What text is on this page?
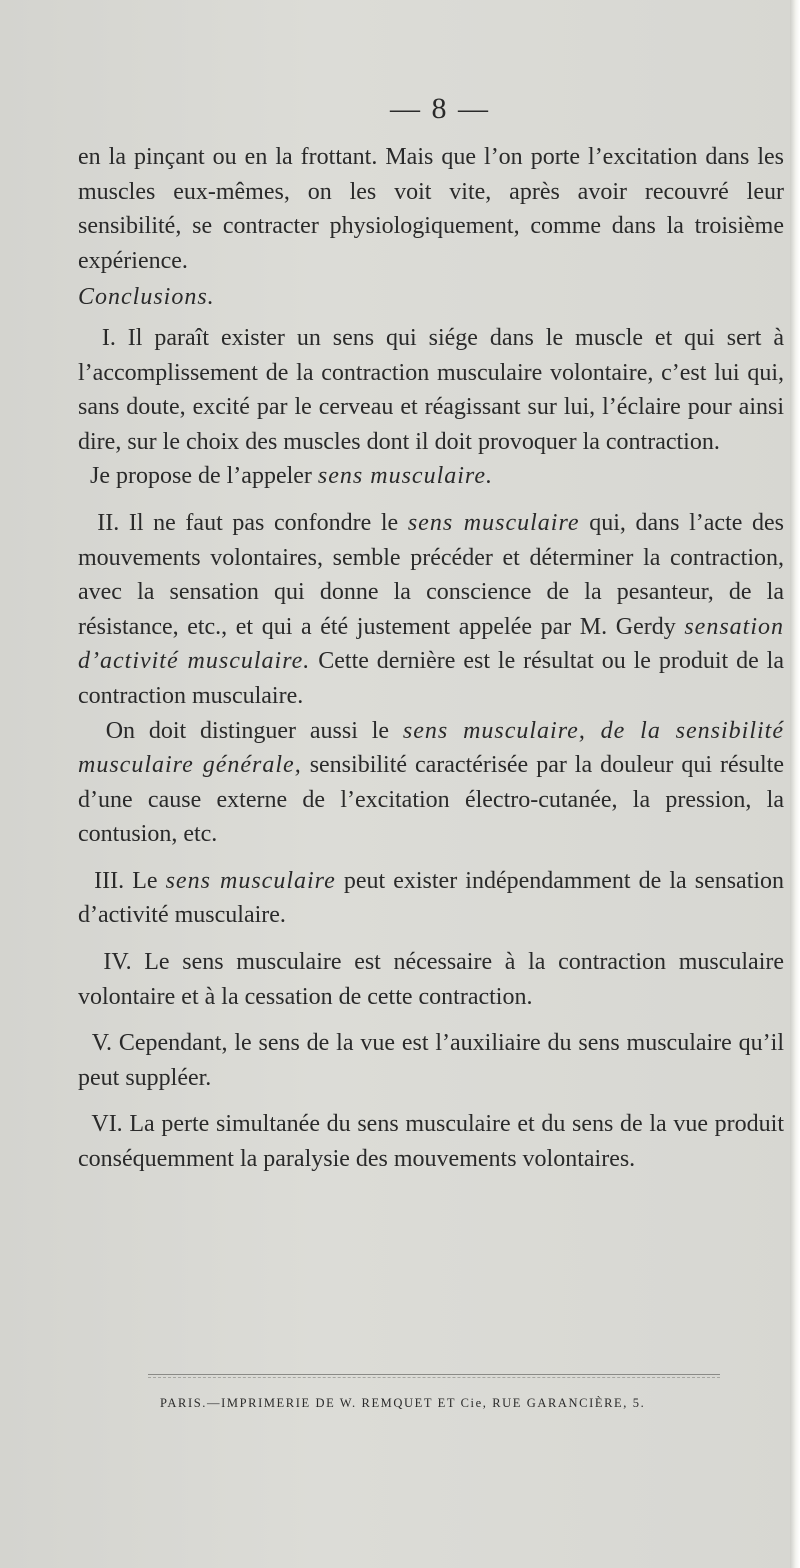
— 8 —

en la pinçant ou en la frottant. Mais que l’on porte l’excitation dans les muscles eux-mêmes, on les voit vite, après avoir recouvré leur sensibilité, se contracter physiologiquement, comme dans la troisième expérience.

Conclusions.

I. Il paraît exister un sens qui siége dans le muscle et qui sert à l’accomplissement de la contraction musculaire volontaire, c’est lui qui, sans doute, excité par le cerveau et réagissant sur lui, l’éclaire pour ainsi dire, sur le choix des muscles dont il doit provoquer la contraction.

Je propose de l’appeler sens musculaire.

II. Il ne faut pas confondre le sens musculaire qui, dans l’acte des mouvements volontaires, semble précéder et déterminer la contraction, avec la sensation qui donne la conscience de la pesanteur, de la résistance, etc., et qui a été justement appelée par M. Gerdy sensation d’activité musculaire. Cette dernière est le résultat ou le produit de la contraction musculaire.

On doit distinguer aussi le sens musculaire, de la sensibilité musculaire générale, sensibilité caractérisée par la douleur qui résulte d’une cause externe de l’excitation électro-cutanée, la pression, la contusion, etc.

III. Le sens musculaire peut exister indépendamment de la sensation d’activité musculaire.

IV. Le sens musculaire est nécessaire à la contraction musculaire volontaire et à la cessation de cette contraction.

V. Cependant, le sens de la vue est l’auxiliaire du sens musculaire qu’il peut suppléer.

VI. La perte simultanée du sens musculaire et du sens de la vue produit conséquemment la paralysie des mouvements volontaires.

PARIS.—IMPRIMERIE DE W. REMQUET ET Cie, RUE GARANCIÈRE, 5.
